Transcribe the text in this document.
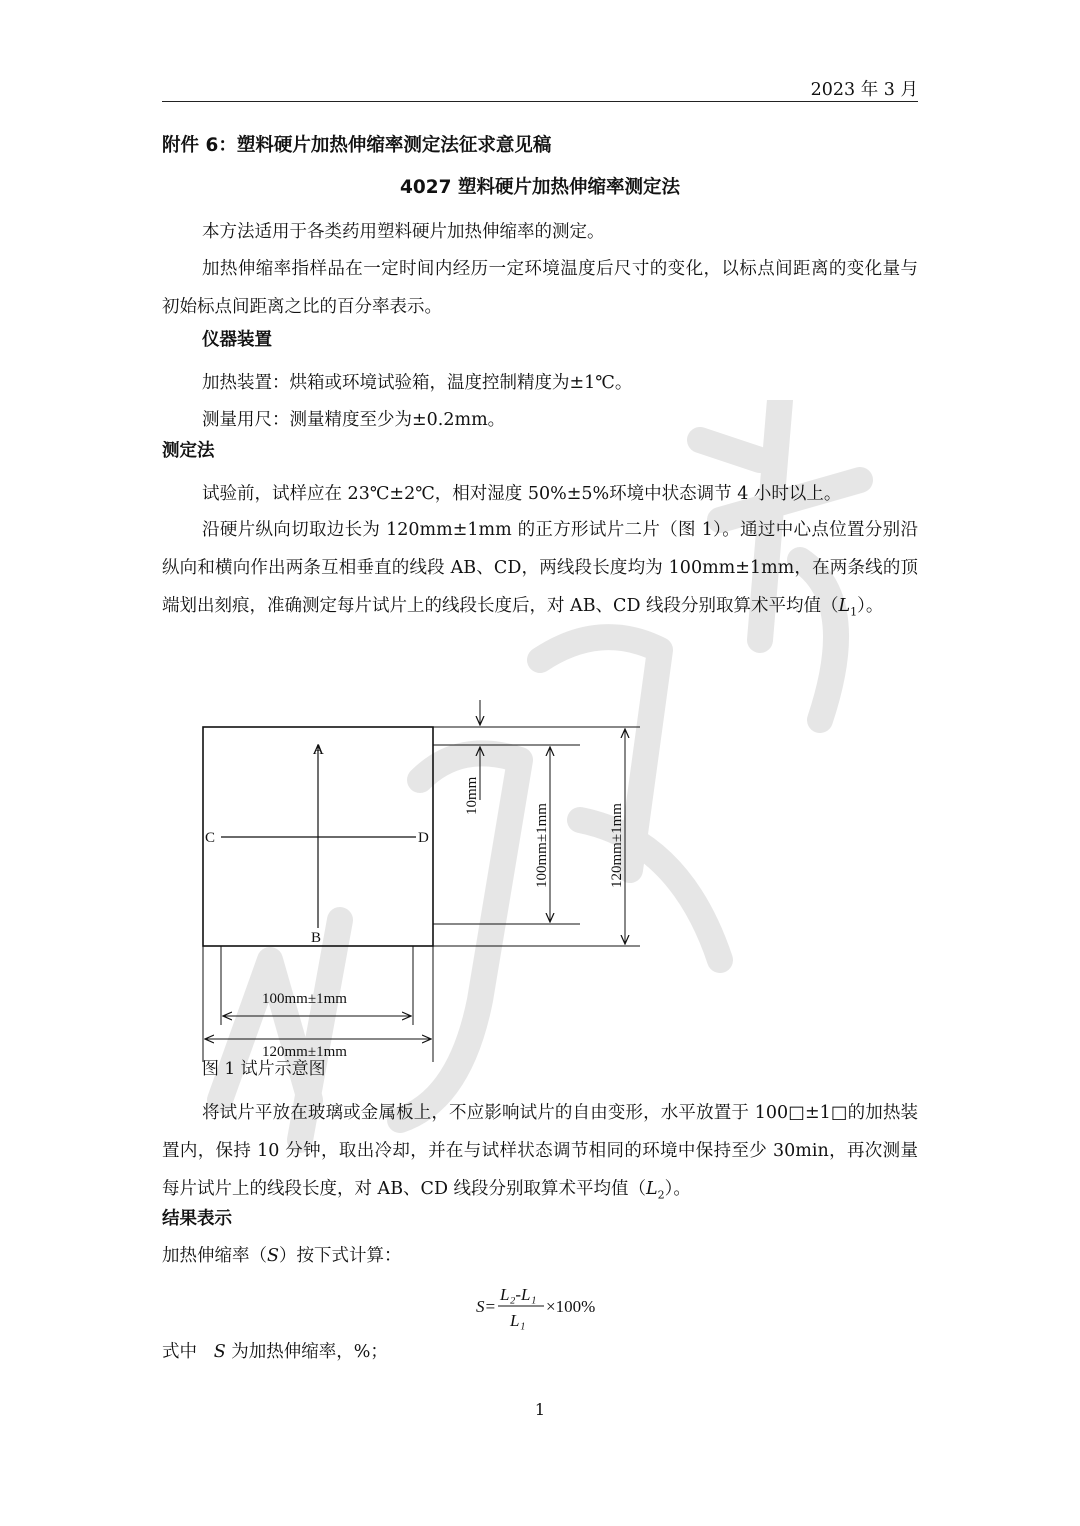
2023 年 3 月
附件 6：塑料硬片加热伸缩率测定法征求意见稿
4027 塑料硬片加热伸缩率测定法
本方法适用于各类药用塑料硬片加热伸缩率的测定。
加热伸缩率指样品在一定时间内经历一定环境温度后尺寸的变化，以标点间距离的变化量与初始标点间距离之比的百分率表示。
仪器装置
加热装置：烘箱或环境试验箱，温度控制精度为±1℃。
测量用尺：测量精度至少为±0.2mm。
测定法
试验前，试样应在 23℃±2℃，相对湿度 50%±5%环境中状态调节 4 小时以上。
沿硬片纵向切取边长为 120mm±1mm 的正方形试片二片（图 1）。通过中心点位置分别沿纵向和横向作出两条互相垂直的线段 AB、CD，两线段长度均为 100mm±1mm，在两条线的顶端划出刻痕，准确测定每片试片上的线段长度后，对 AB、CD 线段分别取算术平均值$(L_1)$。
A
B
C	D
10mm
100mm±1mm	120mm±1mm
100mm±1mm
120mm±1mm
图 1 试片示意图
将试片平放在玻璃或金属板上，不应影响试片的自由变形，水平放置于 100□±1□的加热装置内，保持 10 分钟，取出冷却，并在与试样状态调节相同的环境中保持至少 30min，再次测量每片试片上的线段长度，对 AB、CD 线段分别取算术平均值$(L_2)$。
结果表示
加热伸缩率（S）按下式计算：
S=
L₂-L₁
L₁
×100%
式中 S 为加热伸缩率，%；
1
